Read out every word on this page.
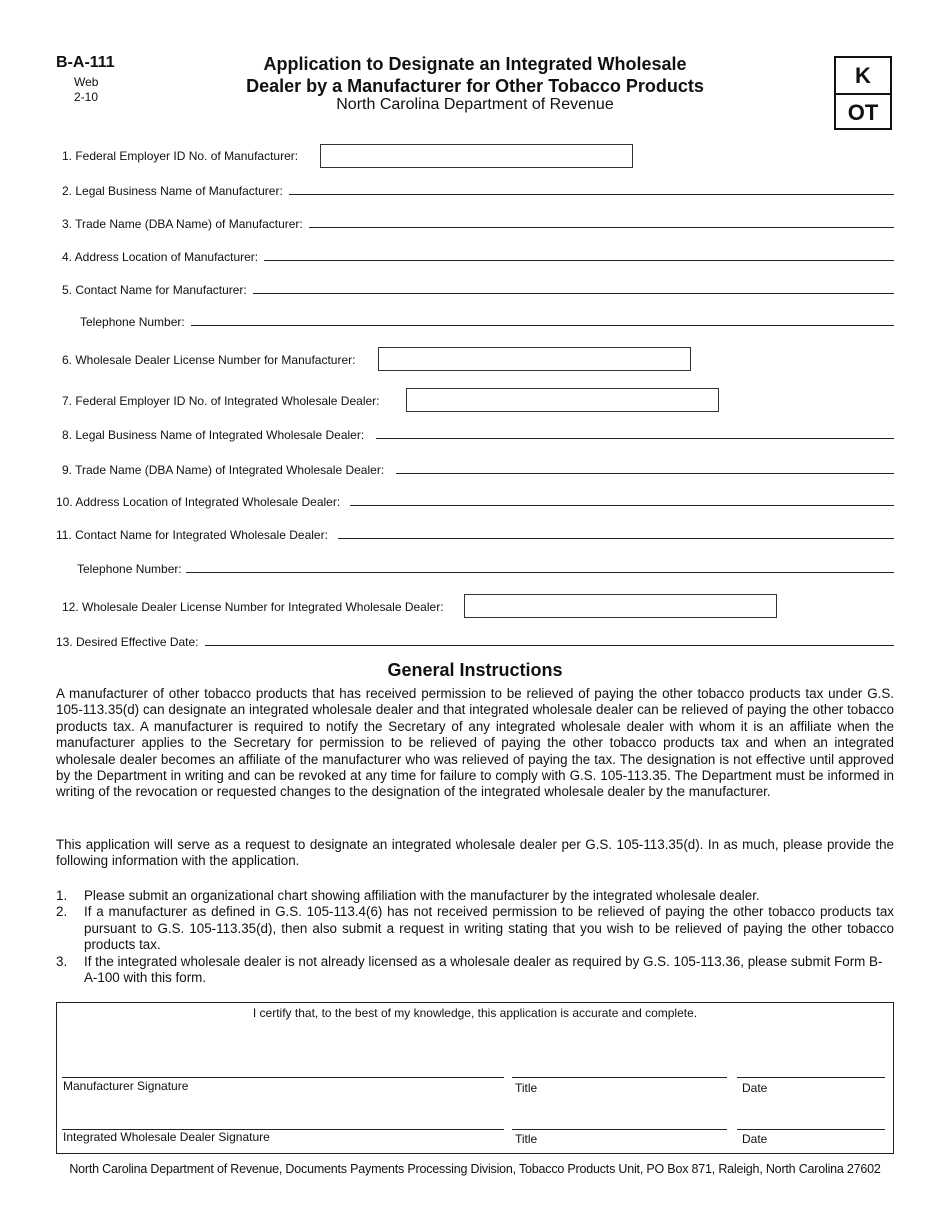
B-A-111
Web
2-10
Application to Designate an Integrated Wholesale
Dealer by a Manufacturer for Other Tobacco Products
North Carolina Department of Revenue
K
OT
1. Federal Employer ID No. of Manufacturer:
2. Legal Business Name of Manufacturer:
3. Trade Name (DBA Name) of Manufacturer:
4. Address Location of Manufacturer:
5. Contact Name for Manufacturer:
Telephone Number:
6. Wholesale Dealer License Number for Manufacturer:
7. Federal Employer ID No. of Integrated Wholesale Dealer:
8. Legal Business Name of Integrated Wholesale Dealer:
9. Trade Name (DBA Name) of Integrated Wholesale Dealer:
10. Address Location of Integrated Wholesale Dealer:
11. Contact Name for Integrated Wholesale Dealer:
Telephone Number:
12. Wholesale Dealer License Number for Integrated Wholesale Dealer:
13. Desired Effective Date:
General Instructions
A manufacturer of other tobacco products that has received permission to be relieved of paying the other tobacco products tax under G.S. 105-113.35(d) can designate an integrated wholesale dealer and that integrated wholesale dealer can be relieved of paying the other tobacco products tax. A manufacturer is required to notify the Secretary of any integrated wholesale dealer with whom it is an affiliate when the manufacturer applies to the Secretary for permission to be relieved of paying the other tobacco products tax and when an integrated wholesale dealer becomes an affiliate of the manufacturer who was relieved of paying the tax. The designation is not effective until approved by the Department in writing and can be revoked at any time for failure to comply with G.S. 105-113.35. The Department must be informed in writing of the revocation or requested changes to the designation of the integrated wholesale dealer by the manufacturer.
This application will serve as a request to designate an integrated wholesale dealer per G.S. 105-113.35(d). In as much, please provide the following information with the application.
1.	Please submit an organizational chart showing affiliation with the manufacturer by the integrated wholesale dealer.
2.	If a manufacturer as defined in G.S. 105-113.4(6) has not received permission to be relieved of paying the other tobacco products tax pursuant to G.S. 105-113.35(d), then also submit a request in writing stating that you wish to be relieved of paying the other tobacco products tax.
3.	If the integrated wholesale dealer is not already licensed as a wholesale dealer as required by G.S. 105-113.36, please submit Form B-A-100 with this form.
I certify that, to the best of my knowledge, this application is accurate and complete.
Manufacturer Signature	Title	Date
Integrated Wholesale Dealer Signature	Title	Date
North Carolina Department of Revenue, Documents Payments Processing Division, Tobacco Products Unit, PO Box 871, Raleigh, North Carolina 27602
